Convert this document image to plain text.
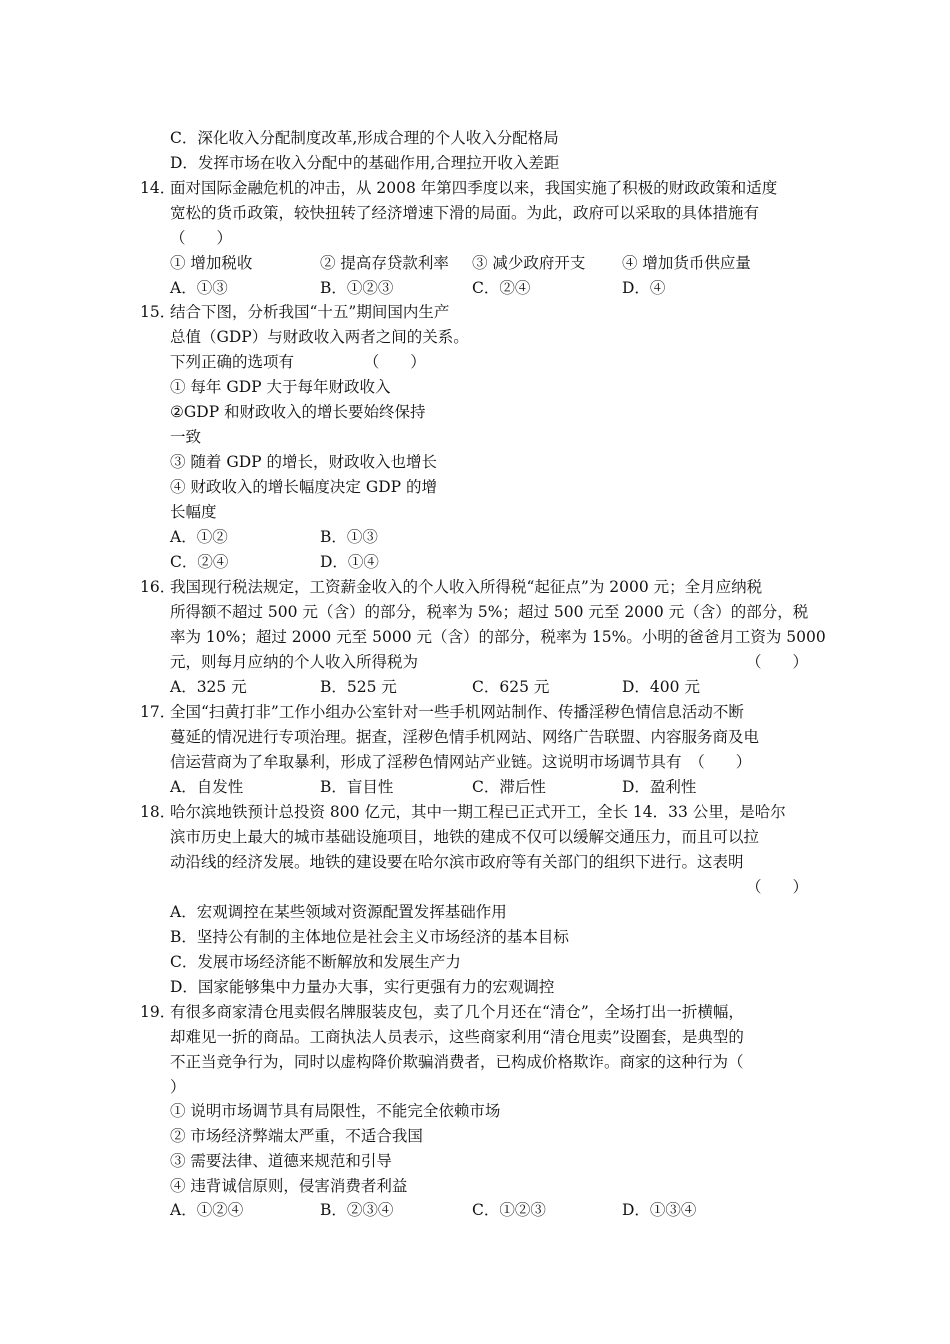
C．深化收入分配制度改革,形成合理的个人收入分配格局
D．发挥市场在收入分配中的基础作用,合理拉开收入差距
14．
面对国际金融危机的冲击，从 2008 年第四季度以来，我国实施了积极的财政政策和适度
宽松的货币政策，较快扭转了经济增速下滑的局面。为此，政府可以采取的具体措施有
（　　）
① 增加税收	② 提高存贷款利率 ③ 减少政府开支 ④ 增加货币供应量
A．①③	B．①②③	C．②④	D．④
15．
结合下图，分析我国“十五”期间国内生产
总值（GDP）与财政收入两者之间的关系。
下列正确的选项有　　　　　（　　）
① 每年 GDP 大于每年财政收入
②GDP 和财政收入的增长要始终保持
一致
③ 随着 GDP 的增长，财政收入也增长
④ 财政收入的增长幅度决定 GDP 的增
长幅度
A．①②	B．①③
C．②④	D．①④
16．
我国现行税法规定，工资薪金收入的个人收入所得税“起征点”为 2000 元；全月应纳税
所得额不超过 500 元（含）的部分，税率为 5%；超过 500 元至 2000 元（含）的部分，税
率为 10%；超过 2000 元至 5000 元（含）的部分，税率为 15%。小明的爸爸月工资为 5000
元，则每月应纳的个人收入所得税为	（　　）
A．325 元	B．525 元	C．625 元	D．400 元
17．
全国“扫黄打非”工作小组办公室针对一些手机网站制作、传播淫秽色情信息活动不断
蔓延的情况进行专项治理。据查，淫秽色情手机网站、网络广告联盟、内容服务商及电
信运营商为了牟取暴利，形成了淫秽色情网站产业链。这说明市场调节具有　（　　）
A．自发性	B．盲目性	C．滞后性	D．盈利性
18．
哈尔滨地铁预计总投资 800 亿元，其中一期工程已正式开工，全长 14．33 公里，是哈尔
滨市历史上最大的城市基础设施项目，地铁的建成不仅可以缓解交通压力，而且可以拉
动沿线的经济发展。地铁的建设要在哈尔滨市政府等有关部门的组织下进行。这表明
（　　）
A．宏观调控在某些领域对资源配置发挥基础作用
B．坚持公有制的主体地位是社会主义市场经济的基本目标
C．发展市场经济能不断解放和发展生产力
D．国家能够集中力量办大事，实行更强有力的宏观调控
19．
有很多商家清仓甩卖假名牌服装皮包，卖了几个月还在“清仓”，全场打出一折横幅，
却难见一折的商品。工商执法人员表示，这些商家利用“清仓甩卖”设圈套，是典型的
不正当竞争行为，同时以虚构降价欺骗消费者，已构成价格欺诈。商家的这种行为（
）
① 说明市场调节具有局限性，不能完全依赖市场
② 市场经济弊端太严重，不适合我国
③ 需要法律、道德来规范和引导
④ 违背诚信原则，侵害消费者利益
A．①②④	B．②③④	C．①②③	D．①③④
